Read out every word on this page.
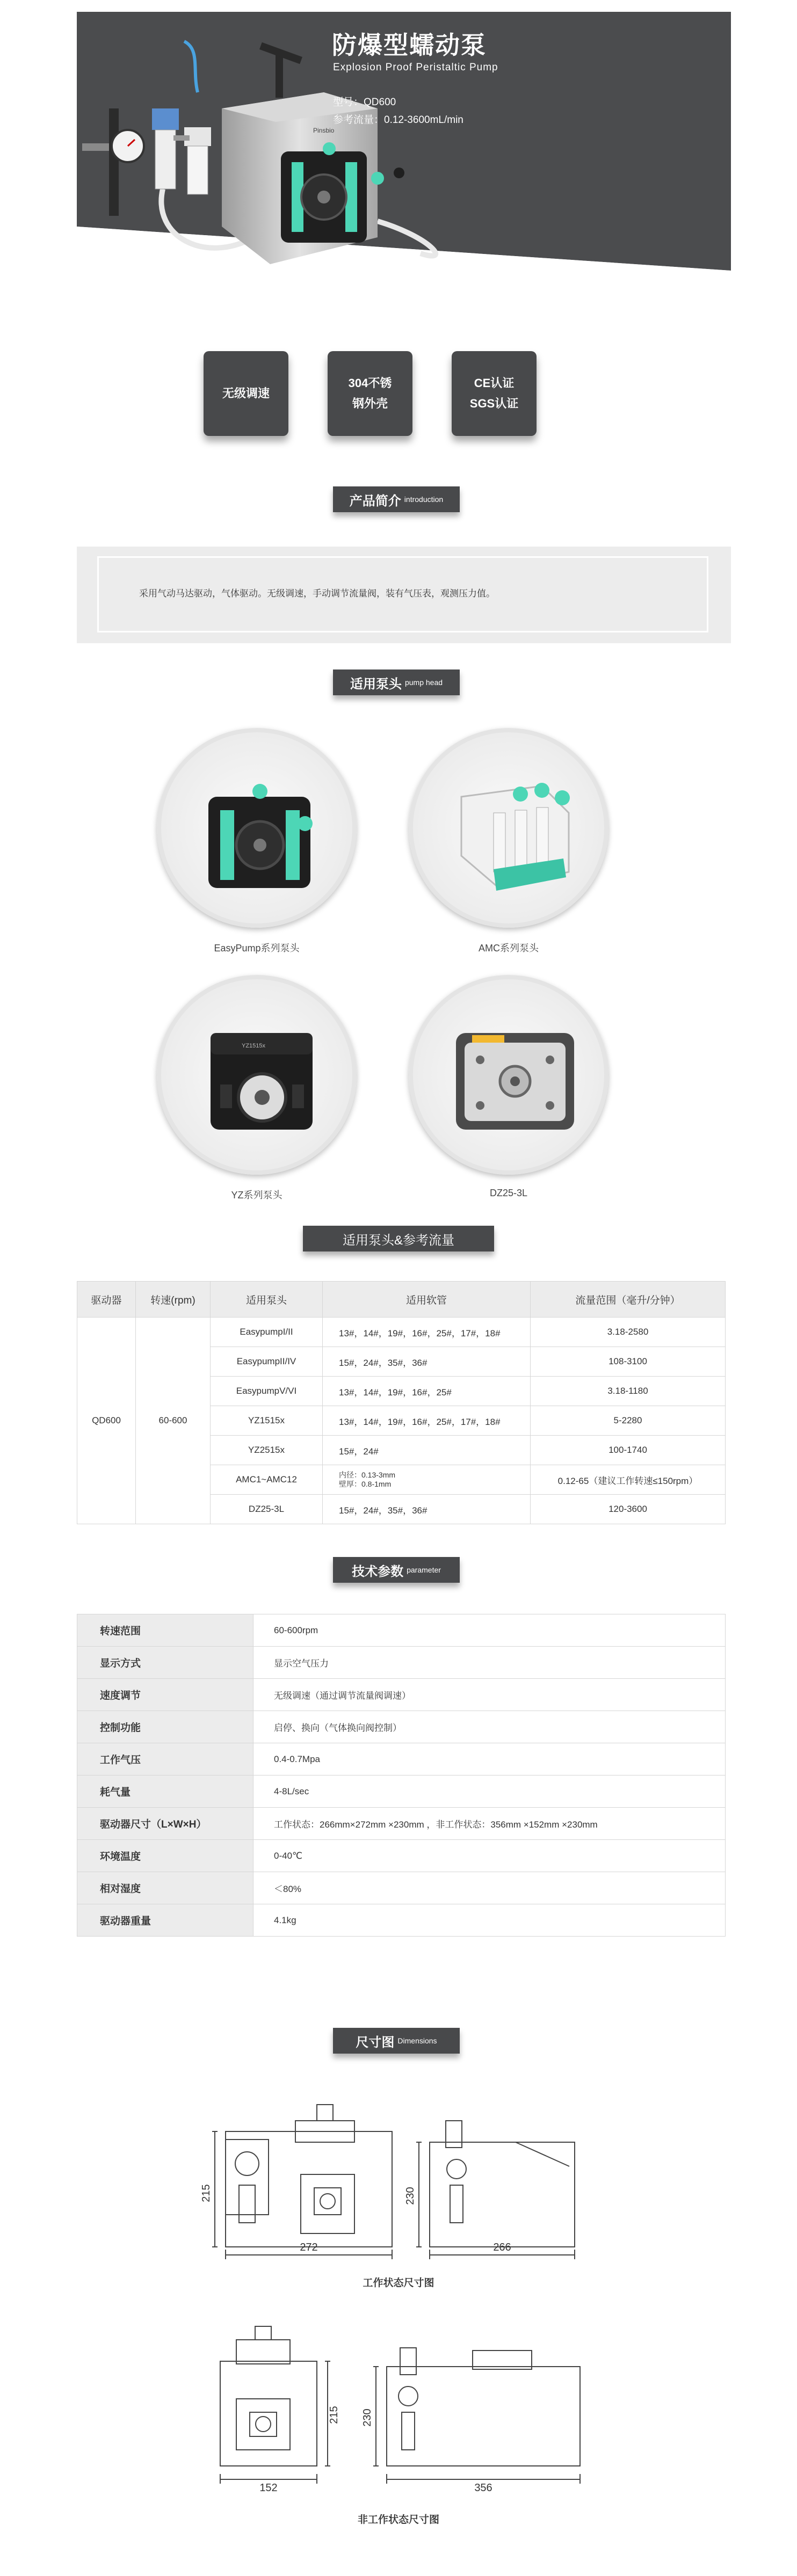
Pinsbio
防爆型蠕动泵
Explosion Proof Peristaltic Pump
型号：QD600
参考流量：0.12-3600mL/min
无级调速
304不锈
钢外壳
CE认证
SGS认证
产品简介 introduction
采用气动马达驱动，气体驱动。无级调速，手动调节流量阀，装有气压表，观测压力值。
适用泵头 pump head
EasyPump系列泵头	AMC系列泵头
YZ1515x
YZ系列泵头	DZ25-3L
适用泵头&参考流量
驱动器	转速(rpm)	适用泵头	适用软管	流量范围（毫升/分钟）
QD600	60-600	EasypumpI/II	13#，14#，19#，16#，25#，17#，18#	3.18-2580
		EasypumpII/IV	15#，24#，35#，36#	108-3100
		EasypumpV/VI	13#，14#，19#，16#，25#	3.18-1180
		YZ1515x	13#，14#，19#，16#，25#，17#，18#	5-2280
		YZ2515x	15#，24#	100-1740
		AMC1~AMC12	内径：0.13-3mm
壁厚：0.8-1mm	0.12-65（建议工作转速≤150rpm）
		DZ25-3L	15#，24#，35#，36#	120-3600
技术参数 parameter
转速范围	60-600rpm
显示方式	显示空气压力
速度调节	无级调速（通过调节流量阀调速）
控制功能	启停、换向（气体换向阀控制）
工作气压	0.4-0.7Mpa
耗气量	4-8L/sec
驱动器尺寸（L×W×H）	工作状态：266mm×272mm ×230mm ，非工作状态：356mm ×152mm ×230mm
环境温度	0-40℃
相对湿度	＜80%
驱动器重量	4.1kg
尺寸图 Dimensions
215
272
230
266
工作状态尺寸图
215
152
230
356
非工作状态尺寸图
